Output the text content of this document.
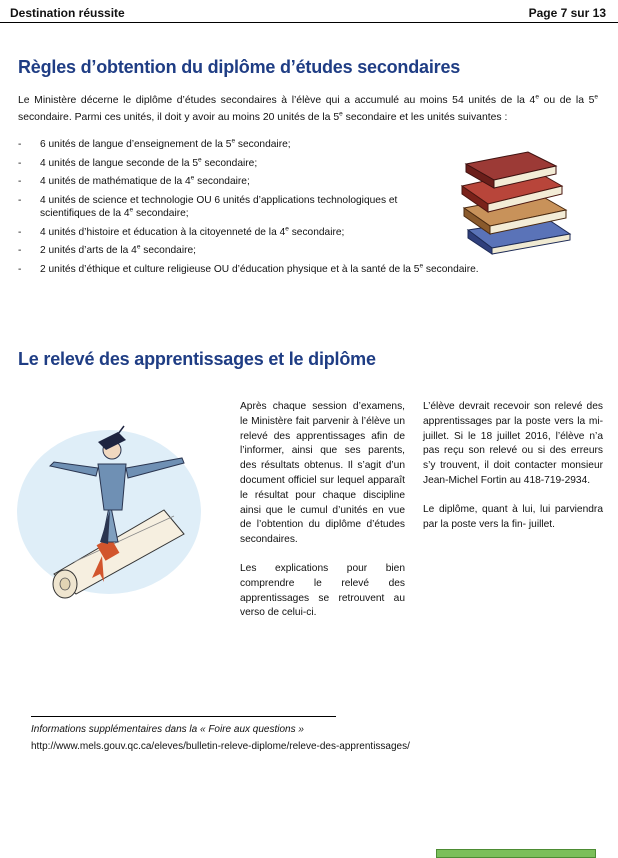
Destination réussite	Page 7 sur 13
Règles d’obtention du diplôme d’études secondaires
Le Ministère décerne le diplôme d’études secondaires à l’élève qui a accumulé au moins 54 unités de la 4e ou de la 5e secondaire. Parmi ces unités, il doit y avoir au moins 20 unités de la 5e secondaire et les unités suivantes :
- 6 unités de langue d’enseignement de la 5e secondaire;
- 4 unités de langue seconde de la 5e secondaire;
- 4 unités de mathématique de la 4e secondaire;
- 4 unités de science et technologie OU 6 unités d’applications technologiques et scientifiques de la 4e secondaire;
- 4 unités d’histoire et éducation à la citoyenneté de la 4e secondaire;
- 2 unités d’arts de la 4e secondaire;
- 2 unités d’éthique et culture religieuse OU d’éducation physique et à la santé de la 5e secondaire.
Le relevé des apprentissages et le diplôme

Après chaque session d’examens, le Ministère fait parvenir à l’élève un relevé des apprentissages afin de l’informer, ainsi que ses parents, des résultats obtenus. Il s’agit d’un document officiel sur lequel apparaît le résultat pour chaque discipline ainsi que le cumul d’unités en vue de l’obtention du diplôme d’études secondaires.

Les explications pour bien comprendre le relevé des apprentissages se retrouvent au verso de celui-ci.

L’élève devrait recevoir son relevé des apprentissages par la poste vers la mi-juillet. Si le 18 juillet 2016, l’élève n’a pas reçu son relevé ou si des erreurs s’y trouvent, il doit contacter monsieur Jean-Michel Fortin au 418-719-2934.

Le diplôme, quant à lui, lui parviendra par la poste vers la fin- juillet.

Informations supplémentaires dans la « Foire aux questions »
http://www.mels.gouv.qc.ca/eleves/bulletin-releve-diplome/releve-des-apprentissages/
